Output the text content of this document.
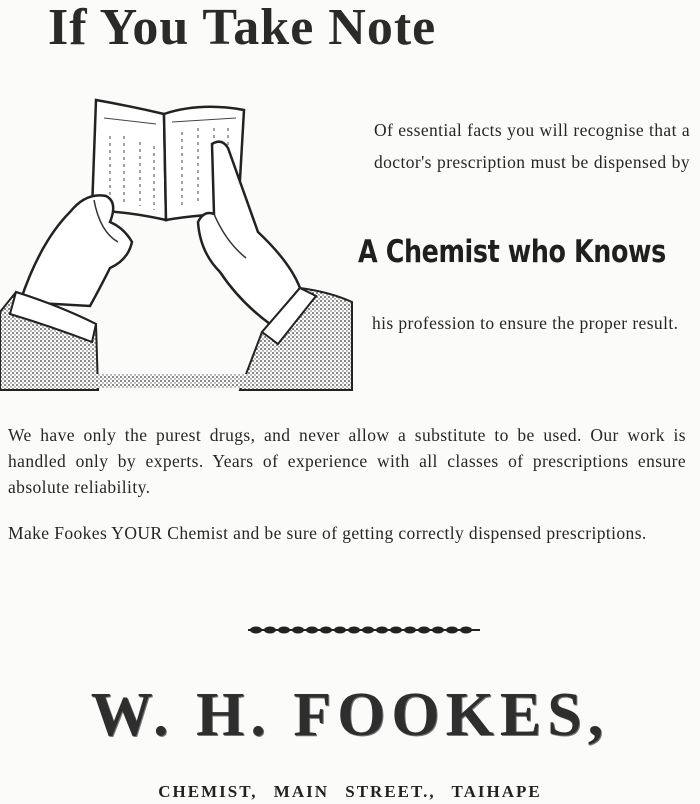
If You Take Note
Of essential facts you will recognise that a doctor's prescription must be dispensed by
A Chemist who Knows
his profession to ensure the proper result.
We have only the purest drugs, and never allow a substitute to be used. Our work is handled only by experts. Years of experience with all classes of prescriptions ensure absolute reliability.
Make Fookes YOUR Chemist and be sure of getting correctly dispensed prescriptions.
W. H. FOOKES,
CHEMIST, MAIN STREET., TAIHAPE
